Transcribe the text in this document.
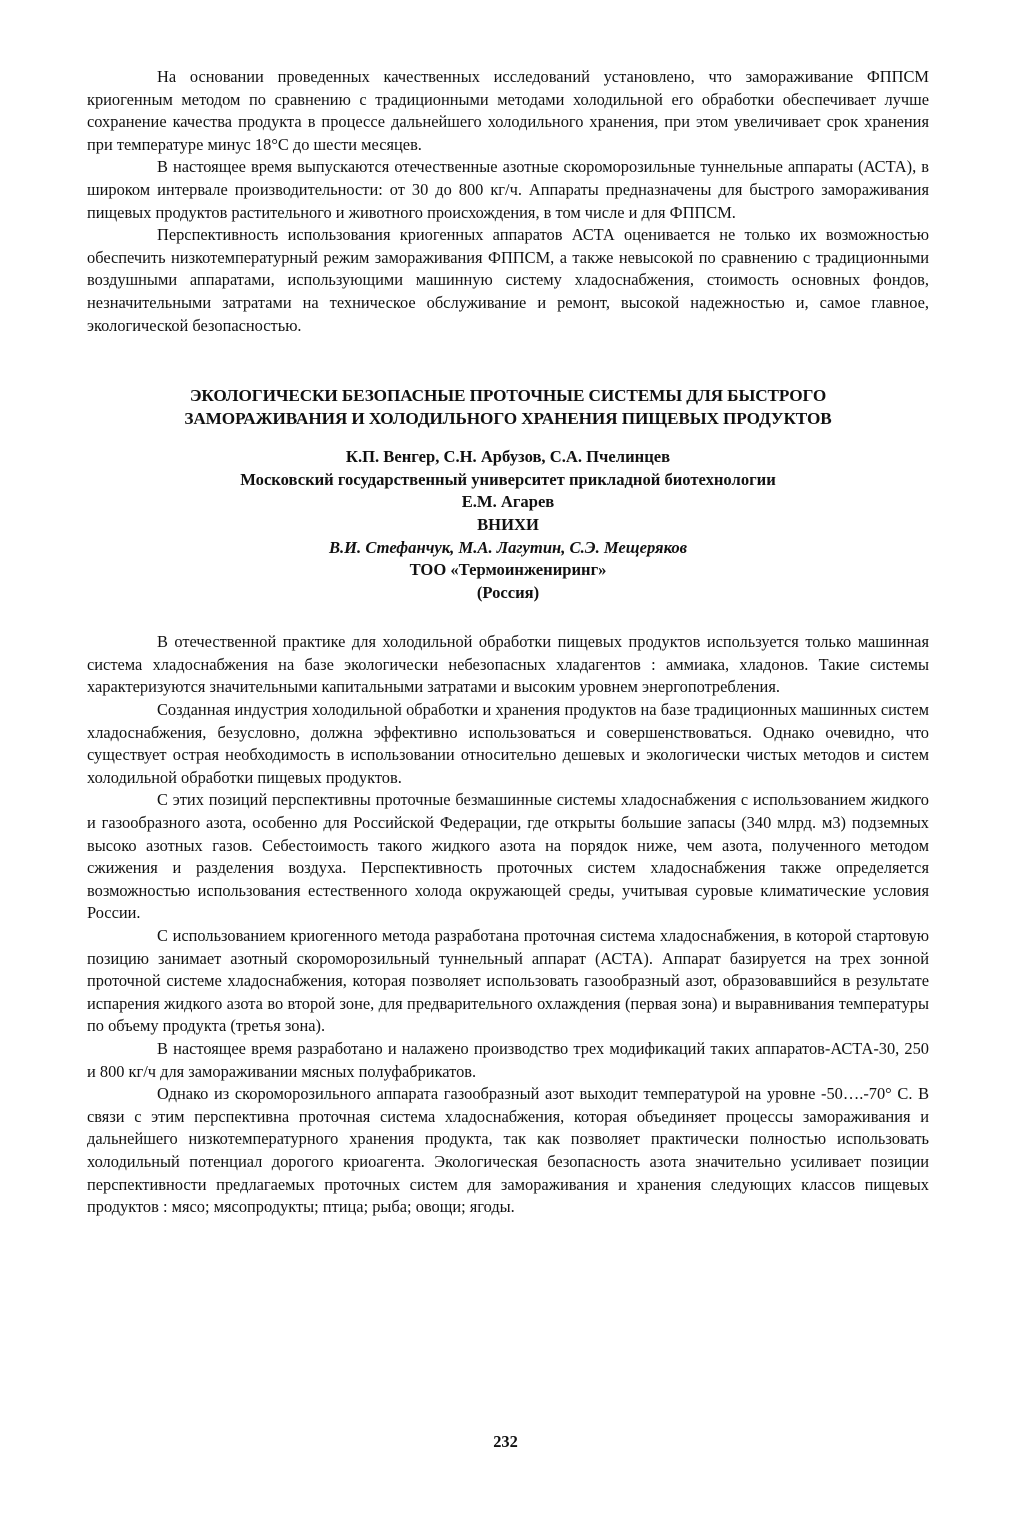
На основании проведенных качественных исследований установлено, что замораживание ФППСМ криогенным методом по сравнению с традиционными методами холодильной его обработки обеспечивает лучше сохранение качества продукта в процессе дальнейшего холодильного хранения, при этом увеличивает срок хранения при температуре минус 18°С до шести месяцев.

В настоящее время выпускаются отечественные азотные скороморозильные туннельные аппараты (АСТА), в широком интервале производительности: от 30 до 800 кг/ч. Аппараты предназначены для быстрого замораживания пищевых продуктов растительного и животного происхождения, в том числе и для ФППСМ.

Перспективность использования криогенных аппаратов АСТА оценивается не только их возможностью обеспечить низкотемпературный режим замораживания ФППСМ, а также невысокой по сравнению с традиционными воздушными аппаратами, использующими машинную систему хладоснабжения, стоимость основных фондов, незначительными затратами на техническое обслуживание и ремонт, высокой надежностью и, самое главное, экологической безопасностью.

ЭКОЛОГИЧЕСКИ БЕЗОПАСНЫЕ ПРОТОЧНЫЕ СИСТЕМЫ ДЛЯ БЫСТРОГО
ЗАМОРАЖИВАНИЯ И ХОЛОДИЛЬНОГО ХРАНЕНИЯ ПИЩЕВЫХ ПРОДУКТОВ
К.П. Венгер, С.Н. Арбузов, С.А. Пчелинцев
Московский государственный университет прикладной биотехнологии
Е.М. Агарев
ВНИХИ
В.И. Стефанчук, М.А. Лагутин, С.Э. Мещеряков
ТОО «Термоинжениринг»
(Россия)

В отечественной практике для холодильной обработки пищевых продуктов используется только машинная система хладоснабжения на базе экологически небезопасных хладагентов : аммиака, хладонов. Такие системы характеризуются значительными капитальными затратами и высоким уровнем энергопотребления.

Созданная индустрия холодильной обработки и хранения продуктов на базе традиционных машинных систем хладоснабжения, безусловно, должна эффективно использоваться и совершенствоваться. Однако очевидно, что существует острая необходимость в использовании относительно дешевых и экологически чистых методов и систем холодильной обработки пищевых продуктов.

С этих позиций перспективны проточные безмашинные системы хладоснабжения с использованием жидкого и газообразного азота, особенно для Российской Федерации, где открыты большие запасы (340 млрд. м3) подземных высоко азотных газов. Себестоимость такого жидкого азота на порядок ниже, чем азота, полученного методом сжижения и разделения воздуха. Перспективность проточных систем хладоснабжения также определяется возможностью использования естественного холода окружающей среды, учитывая суровые климатические условия России.

С использованием криогенного метода разработана проточная система хладоснабжения, в которой стартовую позицию занимает азотный скороморозильный туннельный аппарат (АСТА). Аппарат базируется на трех зонной проточной системе хладоснабжения, которая позволяет использовать газообразный азот, образовавшийся в результате испарения жидкого азота во второй зоне, для предварительного охлаждения (первая зона) и выравнивания температуры по объему продукта (третья зона).

В настоящее время разработано и налажено производство трех модификаций таких аппаратов-АСТА-30, 250 и 800 кг/ч для замораживании мясных полуфабрикатов.

Однако из скороморозильного аппарата газообразный азот выходит температурой на уровне -50….-70° С. В связи с этим перспективна проточная система хладоснабжения, которая объединяет процессы замораживания и дальнейшего низкотемпературного хранения продукта, так как позволяет практически полностью использовать холодильный потенциал дорогого криоагента. Экологическая безопасность азота значительно усиливает позиции перспективности предлагаемых проточных систем для замораживания и хранения следующих классов пищевых продуктов : мясо; мясопродукты; птица; рыба; овощи; ягоды.

232
